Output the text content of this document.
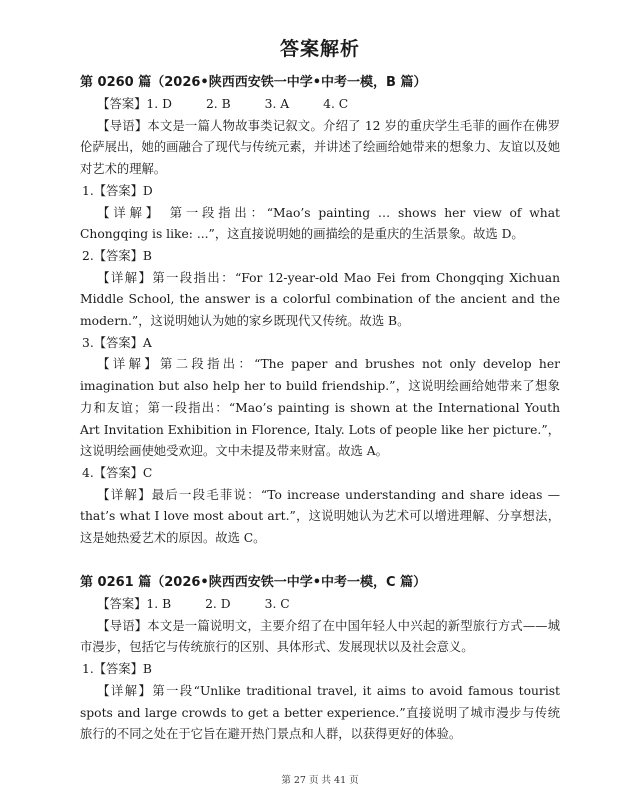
答案解析

第 0260 篇（2026•陕西西安铁一中学•中考一模，B 篇）

【答案】1. D	2. B	3. A	4. C

【导语】本文是一篇人物故事类记叙文。介绍了 12 岁的重庆学生毛菲的画作在佛罗伦萨展出，她的画融合了现代与传统元素，并讲述了绘画给她带来的想象力、友谊以及她对艺术的理解。

1.【答案】D

【详解】 第一段指出：“Mao’s painting … shows her view of what Chongqing is like: ...”，这直接说明她的画描绘的是重庆的生活景象。故选 D。

2.【答案】B

【详解】第一段指出：“For 12-year-old Mao Fei from Chongqing Xichuan Middle School, the answer is a colorful combination of the ancient and the modern.”，这说明她认为她的家乡既现代又传统。故选 B。

3.【答案】A

【详解】第二段指出：“The paper and brushes not only develop her imagination but also help her to build friendship.”，这说明绘画给她带来了想象力和友谊；第一段指出：“Mao’s painting is shown at the International Youth Art Invitation Exhibition in Florence, Italy. Lots of people like her picture.”，这说明绘画使她受欢迎。文中未提及带来财富。故选 A。

4.【答案】C

【详解】最后一段毛菲说：“To increase understanding and share ideas — that’s what I love most about art.”，这说明她认为艺术可以增进理解、分享想法，这是她热爱艺术的原因。故选 C。

第 0261 篇（2026•陕西西安铁一中学•中考一模，C 篇）

【答案】1. B	2. D	3. C

【导语】本文是一篇说明文，主要介绍了在中国年轻人中兴起的新型旅行方式——城市漫步，包括它与传统旅行的区别、具体形式、发展现状以及社会意义。

1.【答案】B

【详解】第一段“Unlike traditional travel, it aims to avoid famous tourist spots and large crowds to get a better experience.”直接说明了城市漫步与传统旅行的不同之处在于它旨在避开热门景点和人群，以获得更好的体验。

第 27 页 共 41 页
